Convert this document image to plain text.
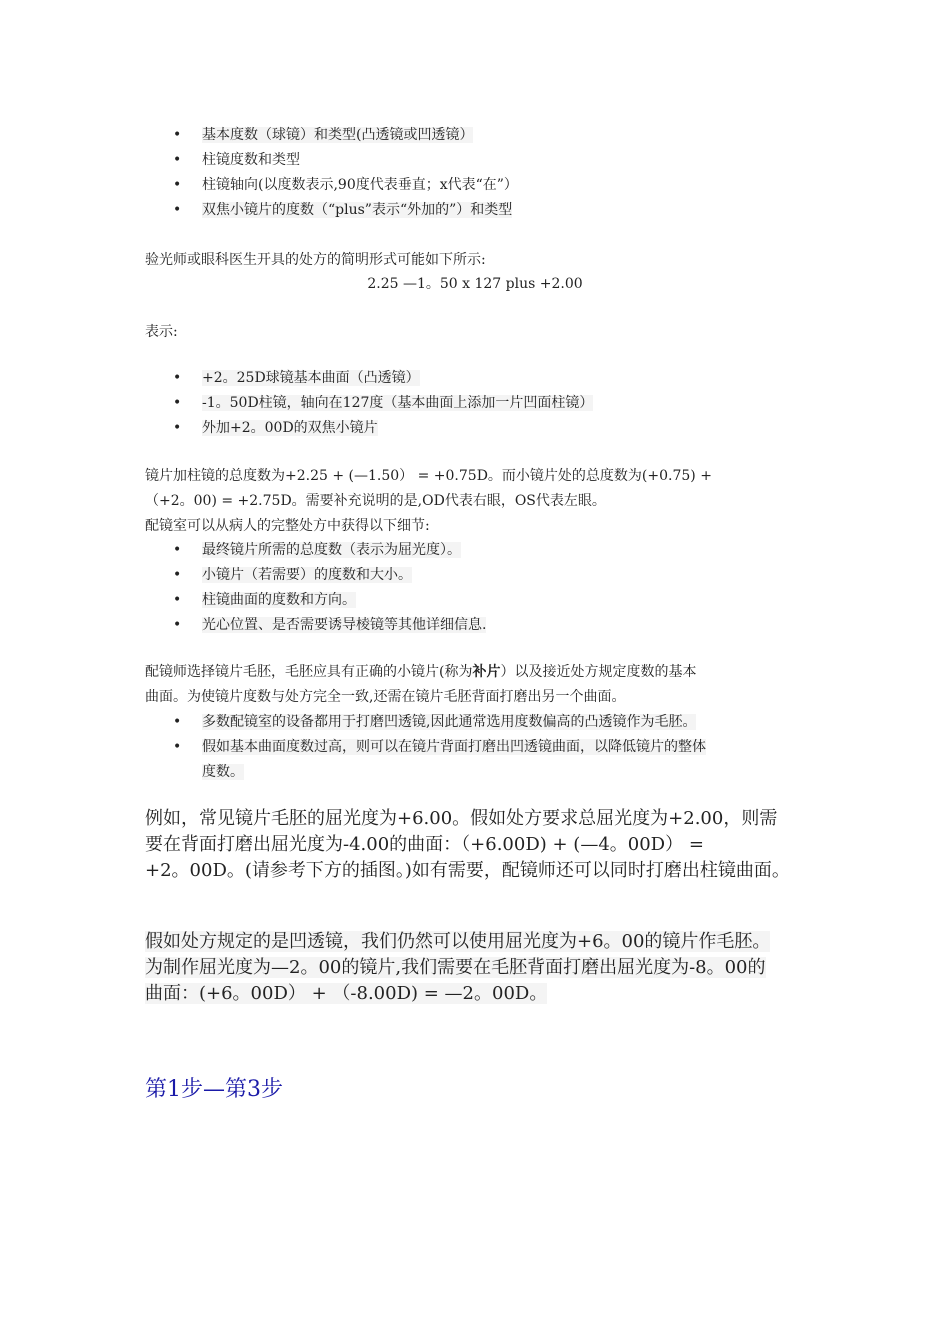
• 基本度数（球镜）和类型(凸透镜或凹透镜）
• 柱镜度数和类型
• 柱镜轴向(以度数表示,90度代表垂直；x代表“在”）
• 双焦小镜片的度数（“plus”表示“外加的”）和类型
验光师或眼科医生开具的处方的简明形式可能如下所示:
2.25 —1。50 x 127 plus +2.00
表示:
• +2。25D球镜基本曲面（凸透镜）
• -1。50D柱镜，轴向在127度（基本曲面上添加一片凹面柱镜）
• 外加+2。00D的双焦小镜片
镜片加柱镜的总度数为+2.25 + (—1.50） = +0.75D。而小镜片处的总度数为(+0.75) +
（+2。00) = +2.75D。需要补充说明的是,OD代表右眼，OS代表左眼。
配镜室可以从病人的完整处方中获得以下细节:
• 最终镜片所需的总度数（表示为屈光度）。
• 小镜片（若需要）的度数和大小。
• 柱镜曲面的度数和方向。
• 光心位置、是否需要诱导棱镜等其他详细信息.
配镜师选择镜片毛胚，毛胚应具有正确的小镜片(称为补片）以及接近处方规定度数的基本
曲面。为使镜片度数与处方完全一致,还需在镜片毛胚背面打磨出另一个曲面。
• 多数配镜室的设备都用于打磨凹透镜,因此通常选用度数偏高的凸透镜作为毛胚。
• 假如基本曲面度数过高，则可以在镜片背面打磨出凹透镜曲面，以降低镜片的整体
度数。
例如，常见镜片毛胚的屈光度为+6.00。假如处方要求总屈光度为+2.00，则需
要在背面打磨出屈光度为-4.00的曲面：（+6.00D) + (—4。00D） =
+2。00D。(请参考下方的插图。)如有需要，配镜师还可以同时打磨出柱镜曲面。
假如处方规定的是凹透镜，我们仍然可以使用屈光度为+6。00的镜片作毛胚。
为制作屈光度为—2。00的镜片,我们需要在毛胚背面打磨出屈光度为-8。00的
曲面：(+6。00D） + （-8.00D) = —2。00D。
第1步—第3步
